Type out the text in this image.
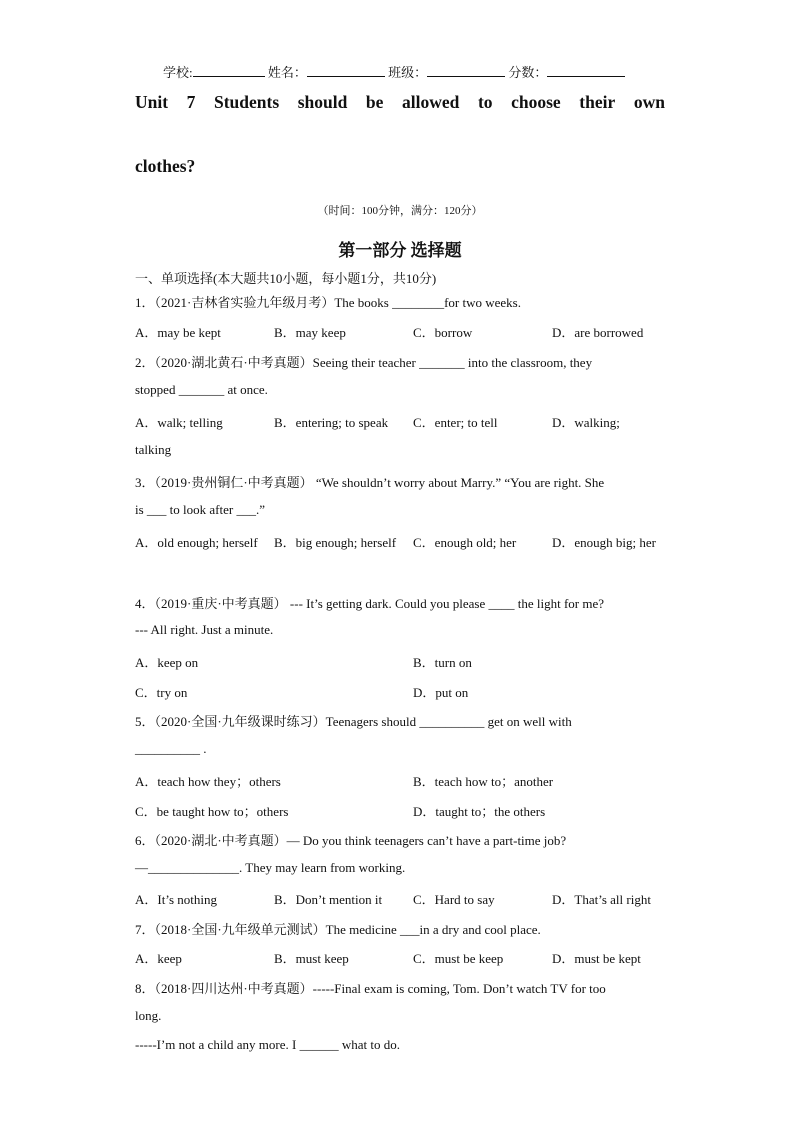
学校:	姓名：	班级：	分数：
Unit 7 Students should be allowed to choose their own
clothes?
（时间：100分钟，满分：120分）
第一部分 选择题
一、单项选择(本大题共10小题，每小题1分，共10分)
1．（2021·吉林省实验九年级月考）The books ________for two weeks.
A．may be kept	B．may keep	C．borrow	D．are borrowed
2．（2020·湖北黄石·中考真题）Seeing their teacher _______ into the classroom, they
stopped _______ at once.
A．walk; telling	B．entering; to speak C．enter; to tell	D．walking;
talking
3．（2019·贵州铜仁·中考真题） “We shouldn’t worry about Marry.” “You are right. She
is ___ to look after ___.”
A．old enough; herself B．big enough; herself C．enough old; her	D．enough big; her
4．（2019·重庆·中考真题） --- It’s getting dark. Could you please ____ the light for me?
--- All right. Just a minute.
A．keep on	B．turn on
C．try on	D．put on
5．（2020·全国·九年级课时练习）Teenagers should __________ get on well with
__________ .
A．teach how they；others	B．teach how to；another
C．be taught how to；others	D．taught to；the others
6．（2020·湖北·中考真题）— Do you think teenagers can’t have a part-time job?
—______________. They may learn from working.
A．It’s nothing	B．Don’t mention it C．Hard to say	D．That’s all right
7．（2018·全国·九年级单元测试）The medicine ___in a dry and cool place.
A．keep	B．must keep	C．must be keep	D．must be kept
8．（2018·四川达州·中考真题）-----Final exam is coming, Tom. Don’t watch TV for too
long.
-----I’m not a child any more. I ______ what to do.
